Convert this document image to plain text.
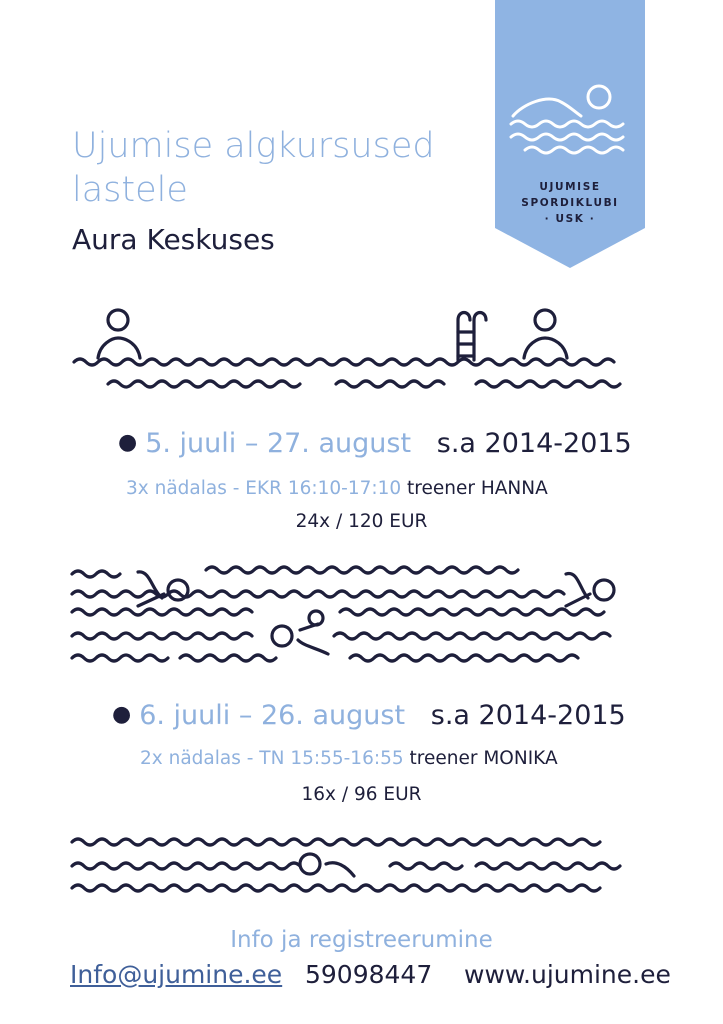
Ujumise algkursused
lastele
Aura Keskuses
UJUMISE
SPORDIKLUBI
· USK ·
● 5. juuli – 27. august s.a 2014-2015
3x nädalas - EKR 16:10-17:10 treener HANNA
24x / 120 EUR
● 6. juuli – 26. august s.a 2014-2015
2x nädalas - TN 15:55-16:55 treener MONIKA
16x / 96 EUR
Info ja registreerumine
Info@ujumine.ee 59098447 www.ujumine.ee
